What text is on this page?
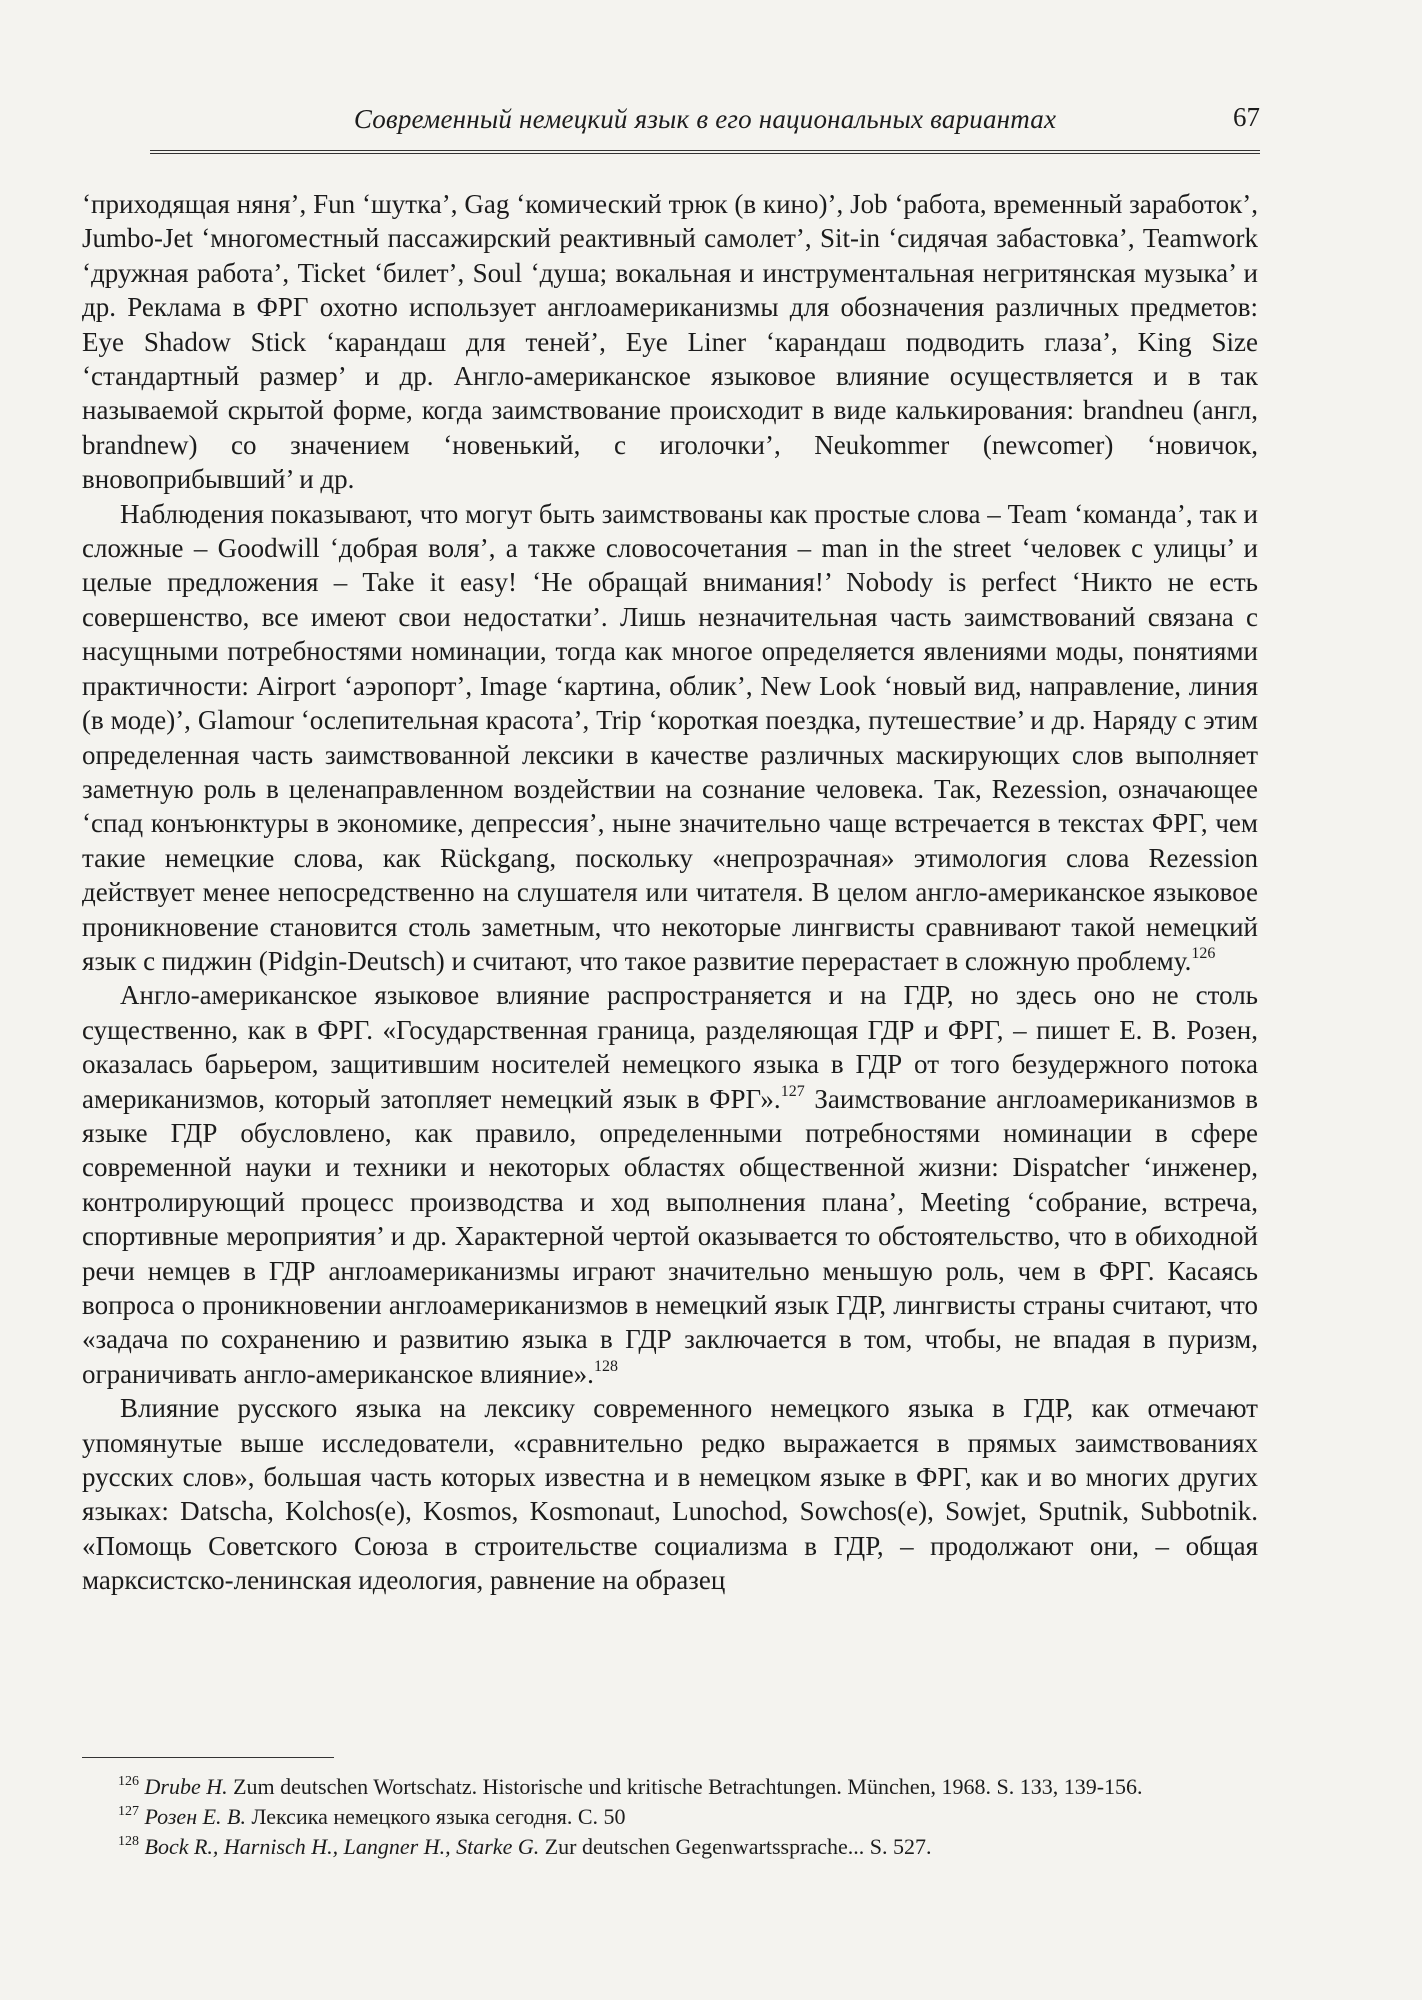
Современный немецкий язык в его национальных вариантах	67

‘приходящая няня’, Fun ‘шутка’, Gag ‘комический трюк (в кино)’, Job ‘работа, временный заработок’, Jumbo-Jet ‘многоместный пассажирский реактивный самолет’, Sit-in ‘сидячая забастовка’, Teamwork ‘дружная работа’, Ticket ‘билет’, Soul ‘душа; вокальная и инструментальная негритянская музыка’ и др. Реклама в ФРГ охотно использует англоамериканизмы для обозначения различных предметов: Eye Shadow Stick ‘карандаш для теней’, Eye Liner ‘карандаш подводить глаза’, King Size ‘стандартный размер’ и др. Англо-американское языковое влияние осуществляется и в так называемой скрытой форме, когда заимствование происходит в виде калькирования: brandneu (англ, brandnew) со значением ‘новенький, с иголочки’, Neukommer (newcomer) ‘новичок, вновоприбывший’ и др.

Наблюдения показывают, что могут быть заимствованы как простые слова – Team ‘команда’, так и сложные – Goodwill ‘добрая воля’, а также словосочетания – man in the street ‘человек с улицы’ и целые предложения – Take it easy! ‘Не обращай внимания!’ Nobody is perfect ‘Никто не есть совершенство, все имеют свои недостатки’. Лишь незначительная часть заимствований связана с насущными потребностями номинации, тогда как многое определяется явлениями моды, понятиями практичности: Airport ‘аэропорт’, Image ‘картина, облик’, New Look ‘новый вид, направление, линия (в моде)’, Glamour ‘ослепительная красота’, Trip ‘короткая поездка, путешествие’ и др. Наряду с этим определенная часть заимствованной лексики в качестве различных маскирующих слов выполняет заметную роль в целенаправленном воздействии на сознание человека. Так, Rezession, означающее ‘спад конъюнктуры в экономике, депрессия’, ныне значительно чаще встречается в текстах ФРГ, чем такие немецкие слова, как Rückgang, поскольку «непрозрачная» этимология слова Rezession действует менее непосредственно на слушателя или читателя. В целом англо-американское языковое проникновение становится столь заметным, что некоторые лингвисты сравнивают такой немецкий язык с пиджин (Pidgin-Deutsch) и считают, что такое развитие перерастает в сложную проблему.$^{126}$

Англо-американское языковое влияние распространяется и на ГДР, но здесь оно не столь существенно, как в ФРГ. «Государственная граница, разделяющая ГДР и ФРГ, – пишет Е. В. Розен, оказалась барьером, защитившим носителей немецкого языка в ГДР от того безудержного потока американизмов, который затопляет немецкий язык в ФРГ».$^{127}$ Заимствование англоамериканизмов в языке ГДР обусловлено, как правило, определенными потребностями номинации в сфере современной науки и техники и некоторых областях общественной жизни: Dispatcher ‘инженер, контролирующий процесс производства и ход выполнения плана’, Meeting ‘собрание, встреча, спортивные мероприятия’ и др. Характерной чертой оказывается то обстоятельство, что в обиходной речи немцев в ГДР англоамериканизмы играют значительно меньшую роль, чем в ФРГ. Касаясь вопроса о проникновении англоамериканизмов в немецкий язык ГДР, лингвисты страны считают, что «задача по сохранению и развитию языка в ГДР заключается в том, чтобы, не впадая в пуризм, ограничивать англо-американское влияние».$^{128}$

Влияние русского языка на лексику современного немецкого языка в ГДР, как отмечают упомянутые выше исследователи, «сравнительно редко выражается в прямых заимствованиях русских слов», большая часть которых известна и в немецком языке в ФРГ, как и во многих других языках: Datscha, Kolchos(e), Kosmos, Kosmonaut, Lunochod, Sowchos(e), Sowjet, Sputnik, Subbotnik. «Помощь Советского Союза в строительстве социализма в ГДР, – продолжают они, – общая марксистско-ленинская идеология, равнение на образец

$^{126}$ Drube H. Zum deutschen Wortschatz. Historische und kritische Betrachtungen. München, 1968. S. 133, 139-156.
$^{127}$ Розен Е. В. Лексика немецкого языка сегодня. С. 50
$^{128}$ Bock R., Harnisch H., Langner H., Starke G. Zur deutschen Gegenwartssprache... S. 527.
